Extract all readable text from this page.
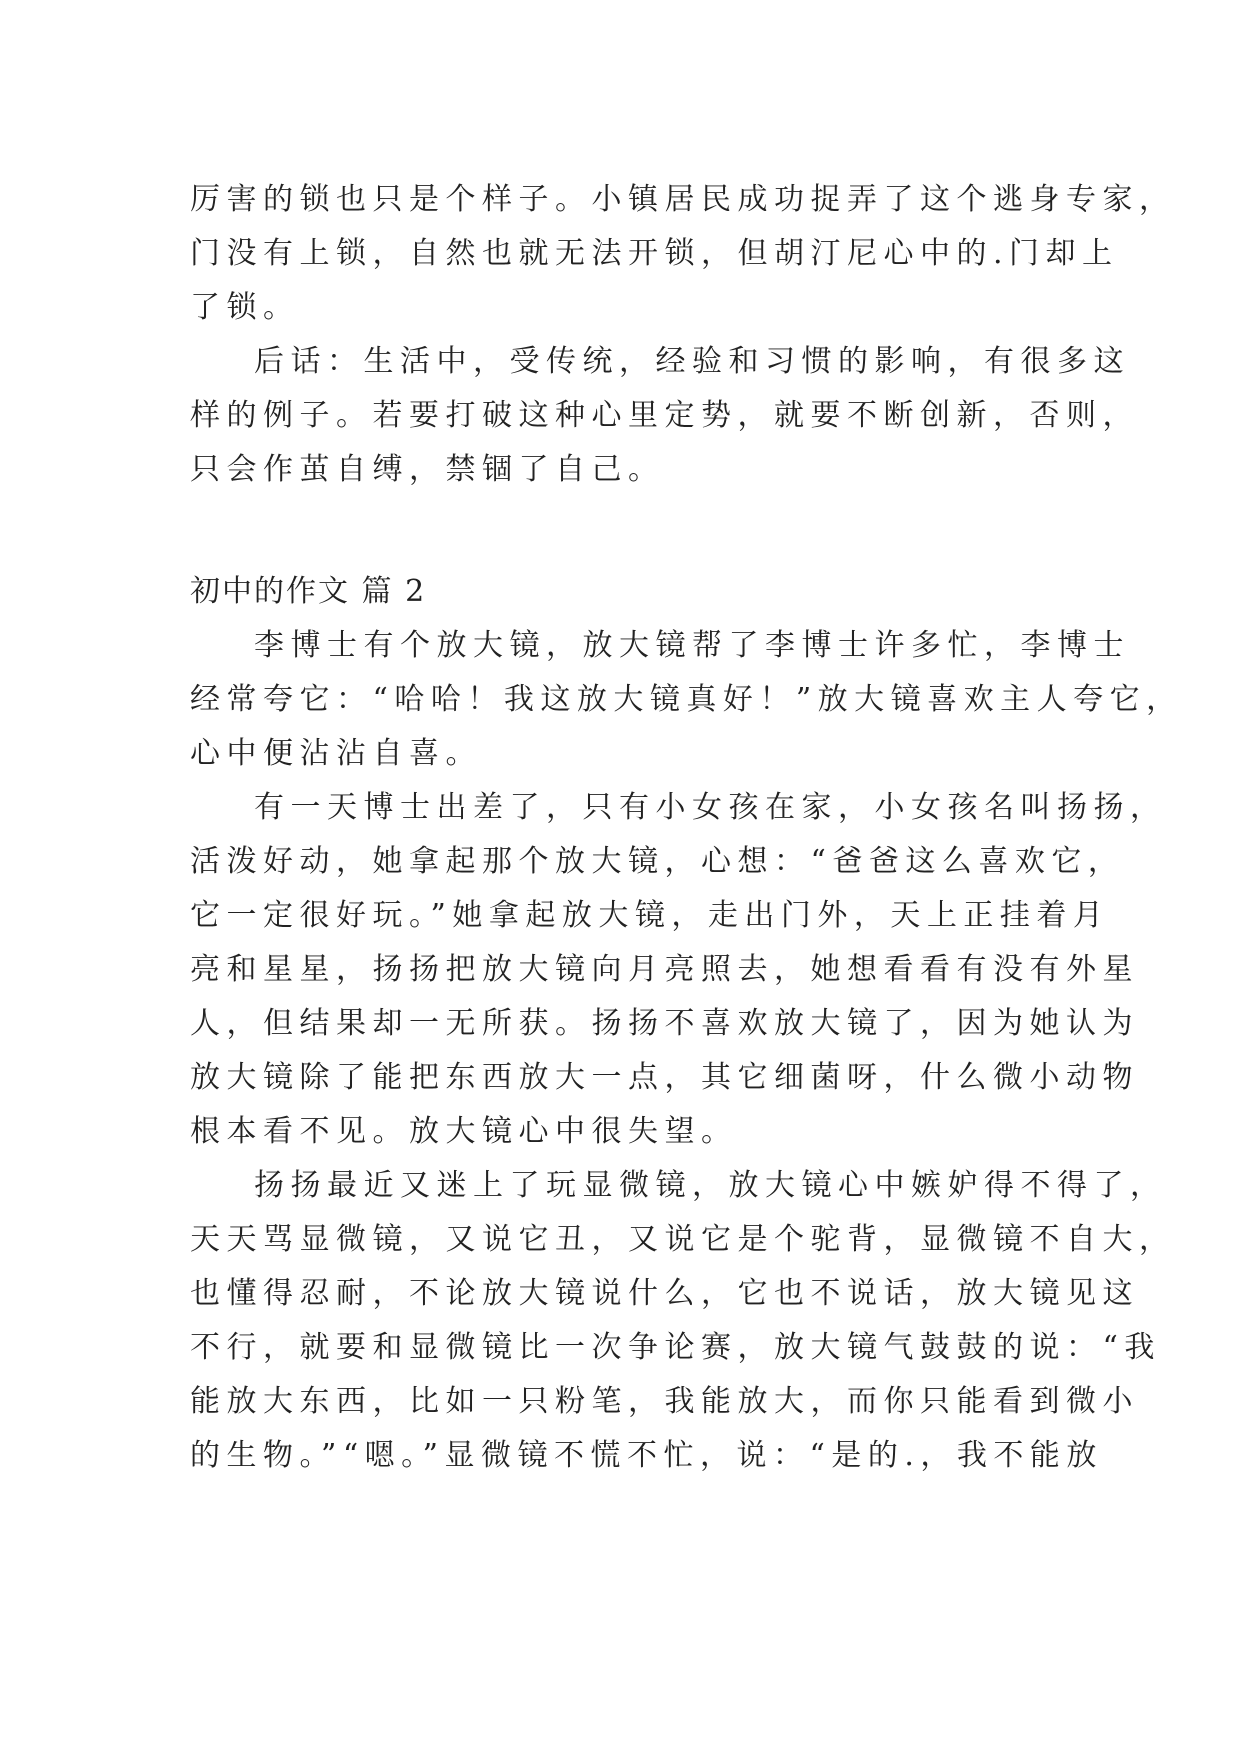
厉害的锁也只是个样子。小镇居民成功捉弄了这个逃身专家，
门没有上锁，自然也就无法开锁，但胡汀尼心中的.门却上
了锁。
后话：生活中，受传统，经验和习惯的影响，有很多这
样的例子。若要打破这种心里定势，就要不断创新，否则，
只会作茧自缚，禁锢了自己。
初中的作文 篇 2
李博士有个放大镜，放大镜帮了李博士许多忙，李博士
经常夸它：“哈哈！我这放大镜真好！”放大镜喜欢主人夸它，
心中便沾沾自喜。
有一天博士出差了，只有小女孩在家，小女孩名叫扬扬，
活泼好动，她拿起那个放大镜，心想：“爸爸这么喜欢它，
它一定很好玩。”她拿起放大镜，走出门外，天上正挂着月
亮和星星，扬扬把放大镜向月亮照去，她想看看有没有外星
人，但结果却一无所获。扬扬不喜欢放大镜了，因为她认为
放大镜除了能把东西放大一点，其它细菌呀，什么微小动物
根本看不见。放大镜心中很失望。
扬扬最近又迷上了玩显微镜，放大镜心中嫉妒得不得了，
天天骂显微镜，又说它丑，又说它是个驼背，显微镜不自大，
也懂得忍耐，不论放大镜说什么，它也不说话，放大镜见这
不行，就要和显微镜比一次争论赛，放大镜气鼓鼓的说：“我
能放大东西，比如一只粉笔，我能放大，而你只能看到微小
的生物。”“嗯。”显微镜不慌不忙，说：“是的.，我不能放
